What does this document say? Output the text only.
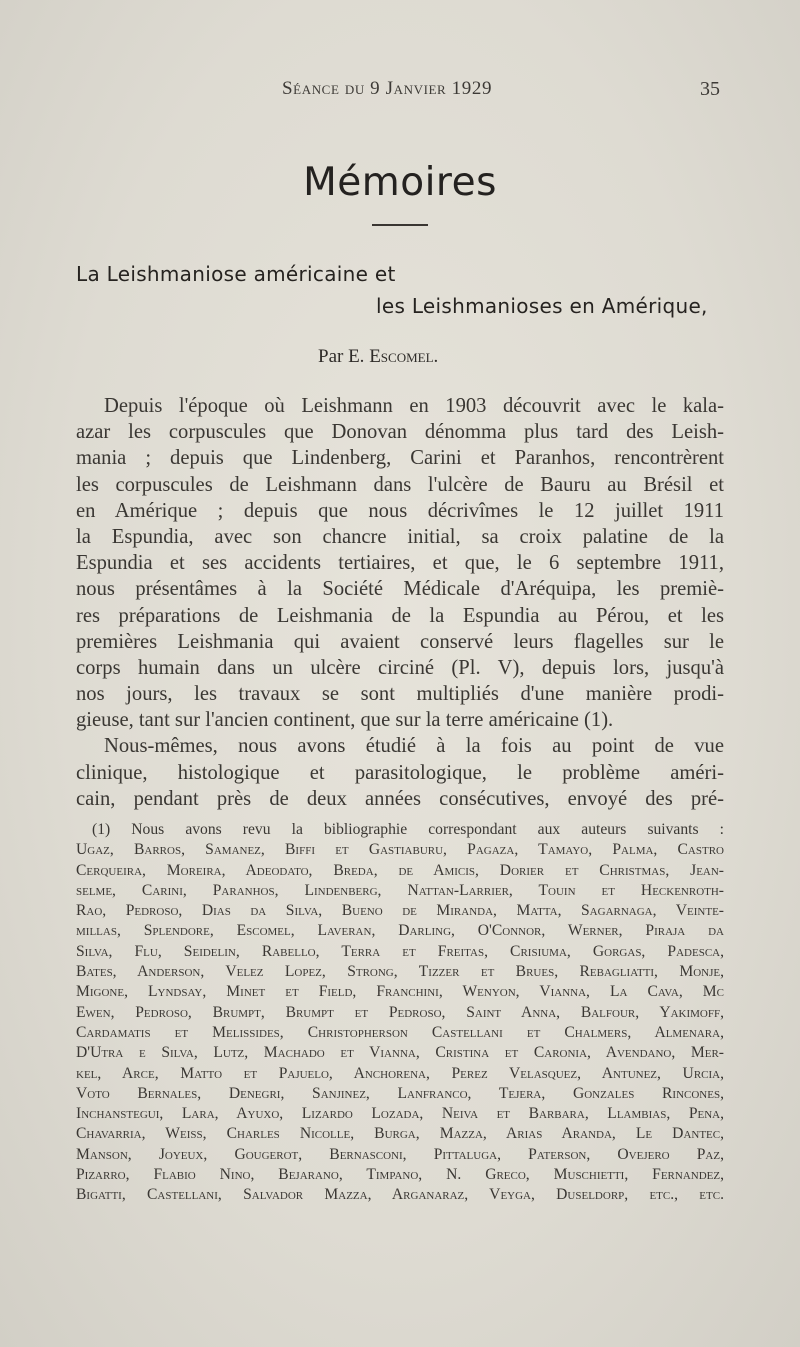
Séance du 9 Janvier 1929	35
Mémoires
La Leishmaniose américaine et
les Leishmanioses en Amérique,
Par E. Escomel.
Depuis l'époque où Leishmann en 1903 découvrit avec le kala-
azar les corpuscules que Donovan dénomma plus tard des Leish-
mania ; depuis que Lindenberg, Carini et Paranhos, rencontrèrent
les corpuscules de Leishmann dans l'ulcère de Bauru au Brésil et
en Amérique ; depuis que nous décrivîmes le 12 juillet 1911
la Espundia, avec son chancre initial, sa croix palatine de la
Espundia et ses accidents tertiaires, et que, le 6 septembre 1911,
nous présentâmes à la Société Médicale d'Aréquipa, les premiè-
res préparations de Leishmania de la Espundia au Pérou, et les
premières Leishmania qui avaient conservé leurs flagelles sur le
corps humain dans un ulcère circiné (Pl. V), depuis lors, jusqu'à
nos jours, les travaux se sont multipliés d'une manière prodi-
gieuse, tant sur l'ancien continent, que sur la terre américaine (1).
Nous-mêmes, nous avons étudié à la fois au point de vue
clinique, histologique et parasitologique, le problème améri-
cain, pendant près de deux années consécutives, envoyé des pré-
(1) Nous avons revu la bibliographie correspondant aux auteurs suivants :
Ugaz, Barros, Samanez, Biffi et Gastiaburu, Pagaza, Tamayo, Palma, Castro
Cerqueira, Moreira, Adeodato, Breda, de Amicis, Dorier et Christmas, Jean-
selme, Carini, Paranhos, Lindenberg, Nattan-Larrier, Touin et Heckenroth-
Rao, Pedroso, Dias da Silva, Bueno de Miranda, Matta, Sagarnaga, Veinte-
millas, Splendore, Escomel, Laveran, Darling, O'Connor, Werner, Piraja da
Silva, Flu, Seidelin, Rabello, Terra et Freitas, Crisiuma, Gorgas, Padesca,
Bates, Anderson, Velez Lopez, Strong, Tizzer et Brues, Rebagliatti, Monje,
Migone, Lyndsay, Minet et Field, Franchini, Wenyon, Vianna, La Cava, Mc
Ewen, Pedroso, Brumpt, Brumpt et Pedroso, Saint Anna, Balfour, Yakimoff,
Cardamatis et Melissides, Christopherson Castellani et Chalmers, Almenara,
D'Utra e Silva, Lutz, Machado et Vianna, Cristina et Caronia, Avendano, Mer-
kel, Arce, Matto et Pajuelo, Anchorena, Perez Velasquez, Antunez, Urcia,
Voto Bernales, Denegri, Sanjinez, Lanfranco, Tejera, Gonzales Rincones,
Inchanstegui, Lara, Ayuxo, Lizardo Lozada, Neiva et Barbara, Llambias, Pena,
Chavarria, Weiss, Charles Nicolle, Burga, Mazza, Arias Aranda, Le Dantec,
Manson, Joyeux, Gougerot, Bernasconi, Pittaluga, Paterson, Ovejero Paz,
Pizarro, Flabio Nino, Bejarano, Timpano, N. Greco, Muschietti, Fernandez,
Bigatti, Castellani, Salvador Mazza, Arganaraz, Veyga, Duseldorp, etc., etc.
